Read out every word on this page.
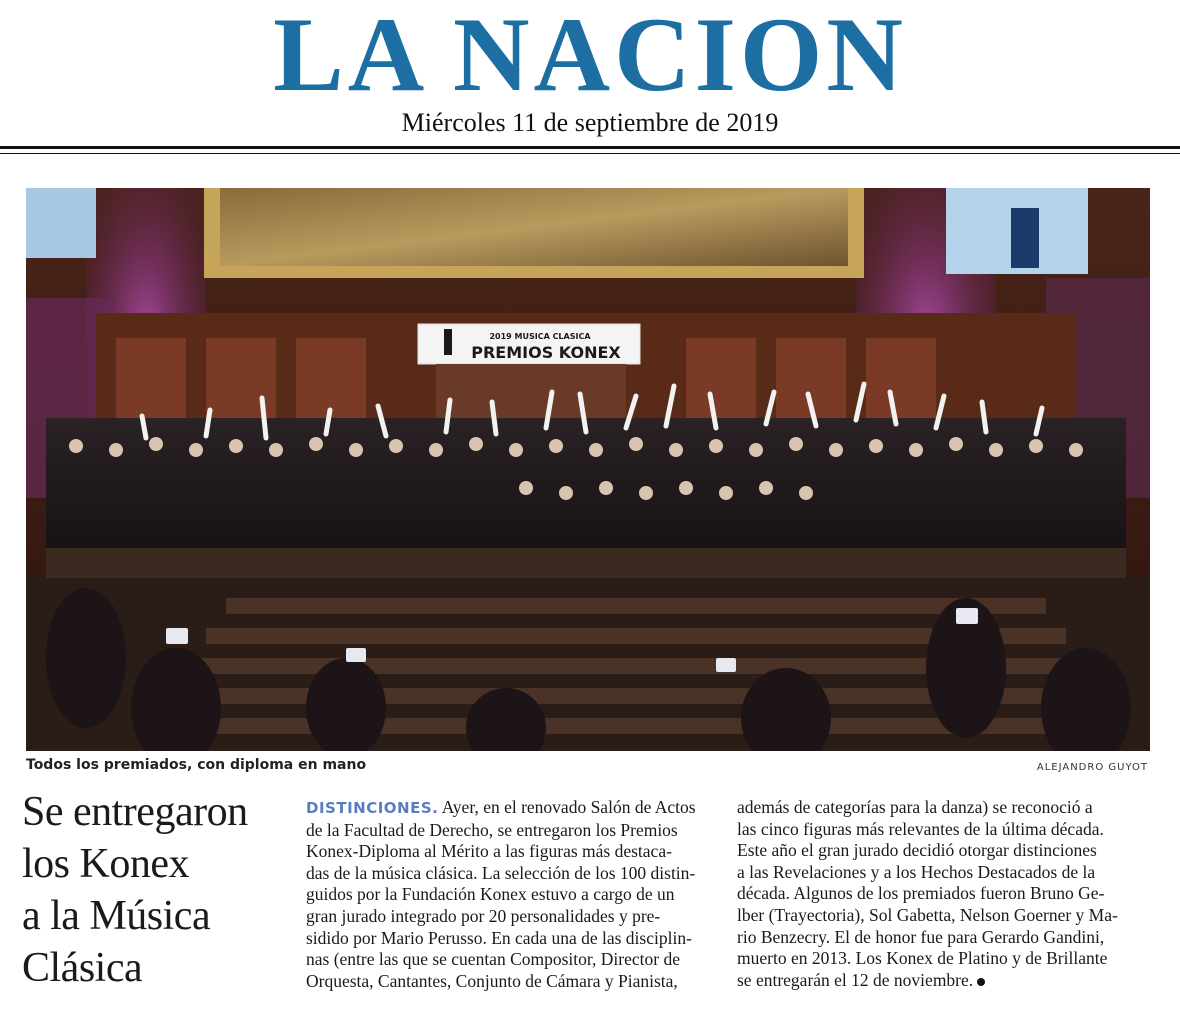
LA NACION
Miércoles 11 de septiembre de 2019
2019 MUSICA CLASICA
PREMIOS KONEX
Todos los premiados, con diploma en mano	ALEJANDRO GUYOT
Se entregaron
los Konex
a la Música
Clásica
DISTINCIONES. Ayer, en el renovado Salón de Actos
de la Facultad de Derecho, se entregaron los Premios
Konex-Diploma al Mérito a las figuras más destaca-
das de la música clásica. La selección de los 100 distin-
guidos por la Fundación Konex estuvo a cargo de un
gran jurado integrado por 20 personalidades y pre-
sidido por Mario Perusso. En cada una de las disciplin-
nas (entre las que se cuentan Compositor, Director de
Orquesta, Cantantes, Conjunto de Cámara y Pianista,
además de categorías para la danza) se reconoció a
las cinco figuras más relevantes de la última década.
Este año el gran jurado decidió otorgar distinciones
a las Revelaciones y a los Hechos Destacados de la
década. Algunos de los premiados fueron Bruno Ge-
lber (Trayectoria), Sol Gabetta, Nelson Goerner y Ma-
rio Benzecry. El de honor fue para Gerardo Gandini,
muerto en 2013. Los Konex de Platino y de Brillante
se entregarán el 12 de noviembre.
